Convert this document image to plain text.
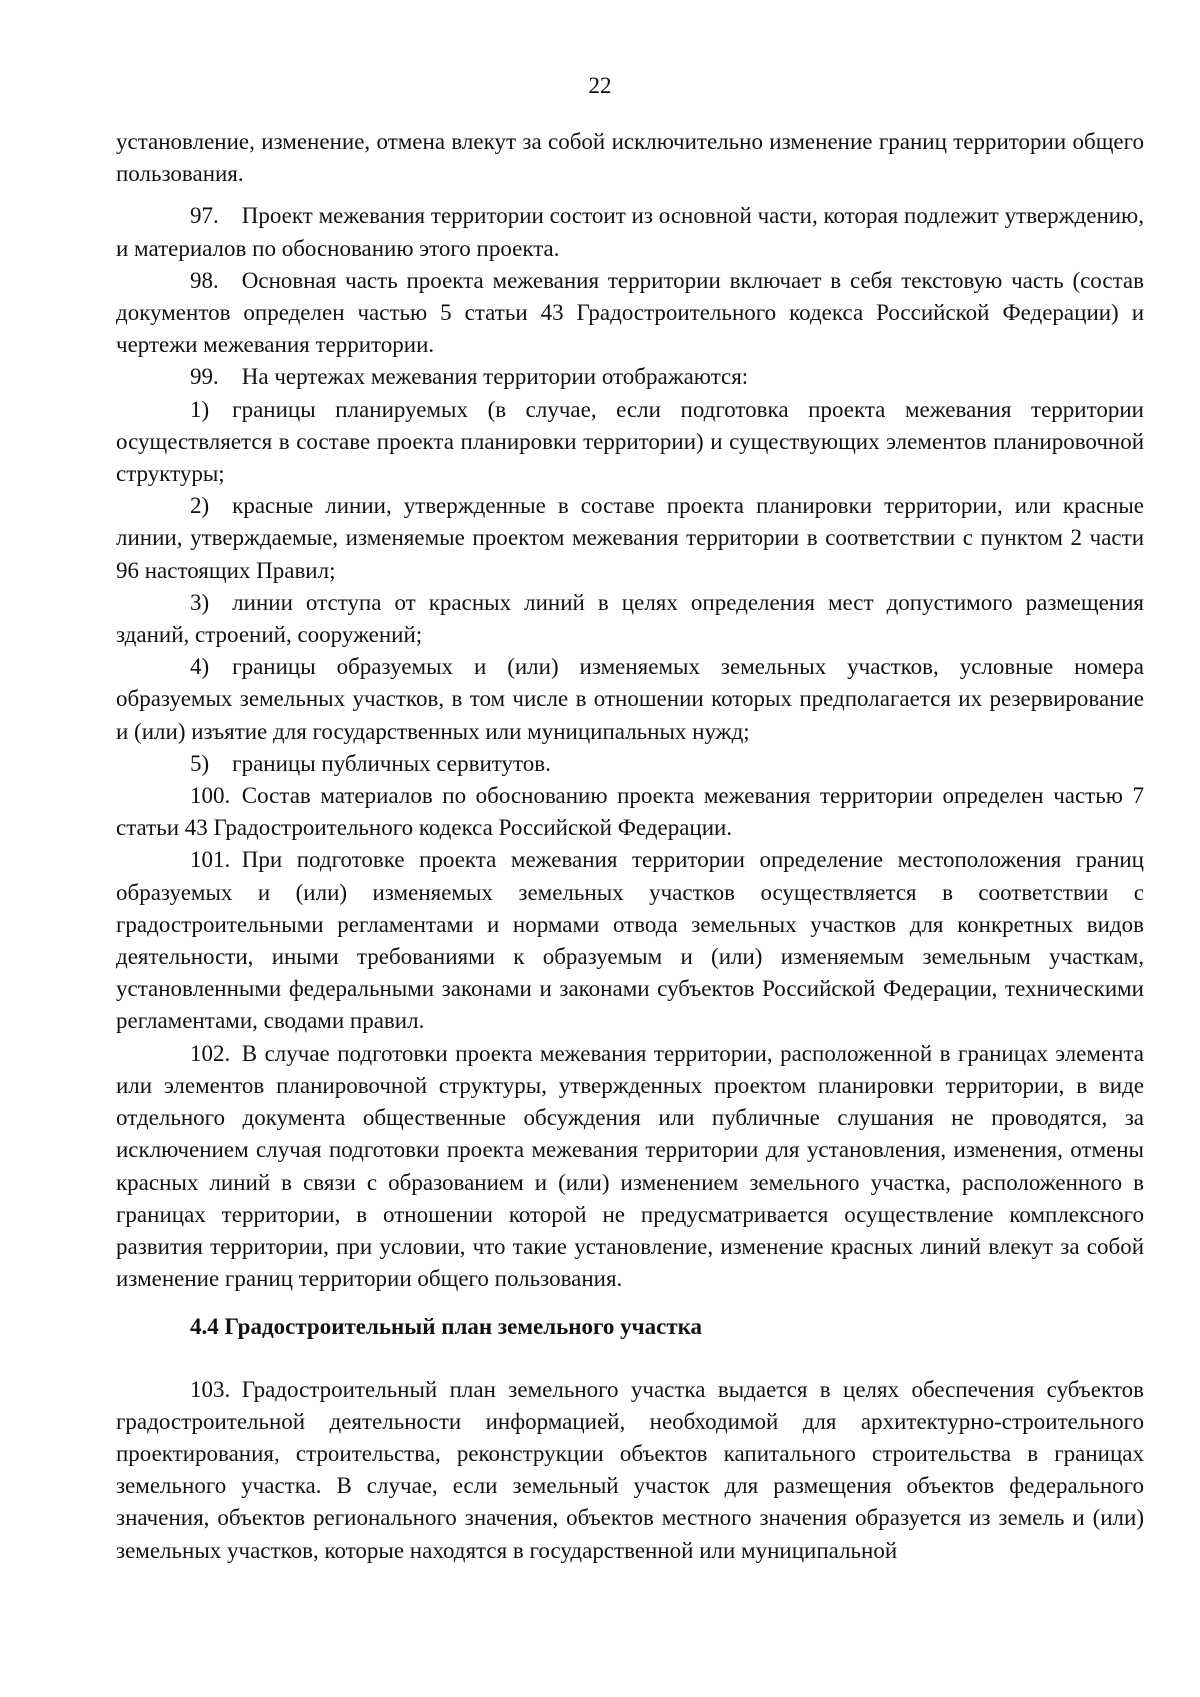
22

установление, изменение, отмена влекут за собой исключительно изменение границ территории общего пользования.

97. Проект межевания территории состоит из основной части, которая подлежит утверждению, и материалов по обоснованию этого проекта.

98. Основная часть проекта межевания территории включает в себя текстовую часть (состав документов определен частью 5 статьи 43 Градостроительного кодекса Российской Федерации) и чертежи межевания территории.

99. На чертежах межевания территории отображаются:

1) границы планируемых (в случае, если подготовка проекта межевания территории осуществляется в составе проекта планировки территории) и существующих элементов планировочной структуры;

2) красные линии, утвержденные в составе проекта планировки территории, или красные линии, утверждаемые, изменяемые проектом межевания территории в соответствии с пунктом 2 части 96 настоящих Правил;

3) линии отступа от красных линий в целях определения мест допустимого размещения зданий, строений, сооружений;

4) границы образуемых и (или) изменяемых земельных участков, условные номера образуемых земельных участков, в том числе в отношении которых предполагается их резервирование и (или) изъятие для государственных или муниципальных нужд;

5) границы публичных сервитутов.

100. Состав материалов по обоснованию проекта межевания территории определен частью 7 статьи 43 Градостроительного кодекса Российской Федерации.

101. При подготовке проекта межевания территории определение местоположения границ образуемых и (или) изменяемых земельных участков осуществляется в соответствии с градостроительными регламентами и нормами отвода земельных участков для конкретных видов деятельности, иными требованиями к образуемым и (или) изменяемым земельным участкам, установленными федеральными законами и законами субъектов Российской Федерации, техническими регламентами, сводами правил.

102. В случае подготовки проекта межевания территории, расположенной в границах элемента или элементов планировочной структуры, утвержденных проектом планировки территории, в виде отдельного документа общественные обсуждения или публичные слушания не проводятся, за исключением случая подготовки проекта межевания территории для установления, изменения, отмены красных линий в связи с образованием и (или) изменением земельного участка, расположенного в границах территории, в отношении которой не предусматривается осуществление комплексного развития территории, при условии, что такие установление, изменение красных линий влекут за собой изменение границ территории общего пользования.

4.4 Градостроительный план земельного участка

103. Градостроительный план земельного участка выдается в целях обеспечения субъектов градостроительной деятельности информацией, необходимой для архитектурно-строительного проектирования, строительства, реконструкции объектов капитального строительства в границах земельного участка. В случае, если земельный участок для размещения объектов федерального значения, объектов регионального значения, объектов местного значения образуется из земель и (или) земельных участков, которые находятся в государственной или муниципальной
